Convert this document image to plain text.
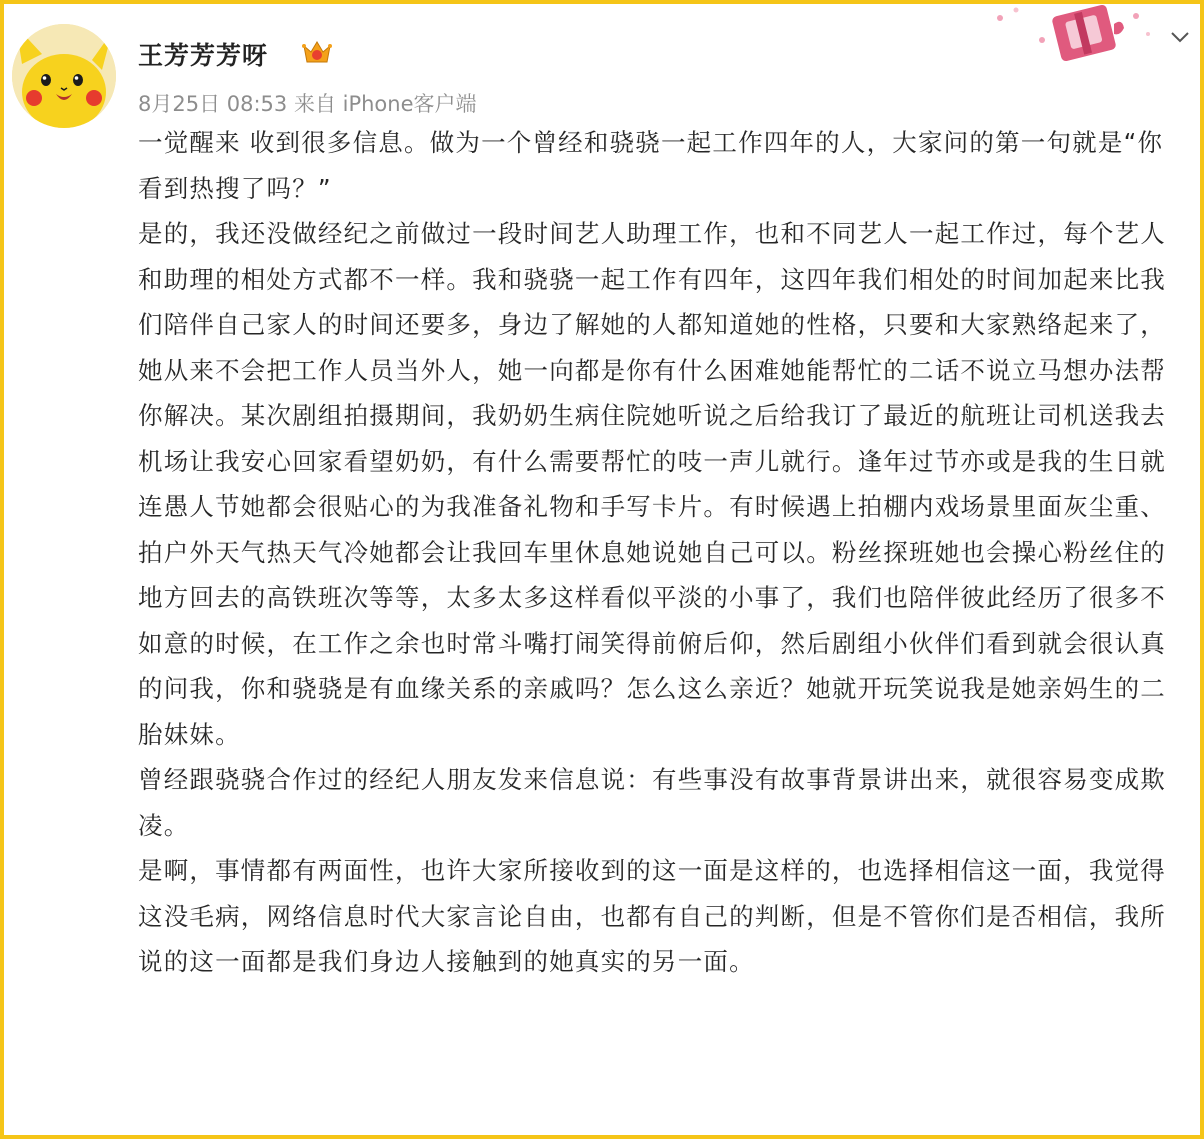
王芳芳芳呀
8月25日 08:53 来自 iPhone客户端

一觉醒来 收到很多信息。做为一个曾经和骁骁一起工作四年的人，大家问的第一句就是“你看到热搜了吗？”

是的，我还没做经纪之前做过一段时间艺人助理工作，也和不同艺人一起工作过，每个艺人和助理的相处方式都不一样。我和骁骁一起工作有四年，这四年我们相处的时间加起来比我们陪伴自己家人的时间还要多，身边了解她的人都知道她的性格，只要和大家熟络起来了，她从来不会把工作人员当外人，她一向都是你有什么困难她能帮忙的二话不说立马想办法帮你解决。某次剧组拍摄期间，我奶奶生病住院她听说之后给我订了最近的航班让司机送我去机场让我安心回家看望奶奶，有什么需要帮忙的吱一声儿就行。逢年过节亦或是我的生日就连愚人节她都会很贴心的为我准备礼物和手写卡片。有时候遇上拍棚内戏场景里面灰尘重、拍户外天气热天气冷她都会让我回车里休息她说她自己可以。粉丝探班她也会操心粉丝住的地方回去的高铁班次等等，太多太多这样看似平淡的小事了，我们也陪伴彼此经历了很多不如意的时候，在工作之余也时常斗嘴打闹笑得前俯后仰，然后剧组小伙伴们看到就会很认真的问我，你和骁骁是有血缘关系的亲戚吗？怎么这么亲近？她就开玩笑说我是她亲妈生的二胎妹妹。

曾经跟骁骁合作过的经纪人朋友发来信息说：有些事没有故事背景讲出来，就很容易变成欺凌。

是啊，事情都有两面性，也许大家所接收到的这一面是这样的，也选择相信这一面，我觉得这没毛病，网络信息时代大家言论自由，也都有自己的判断，但是不管你们是否相信，我所说的这一面都是我们身边人接触到的她真实的另一面。
